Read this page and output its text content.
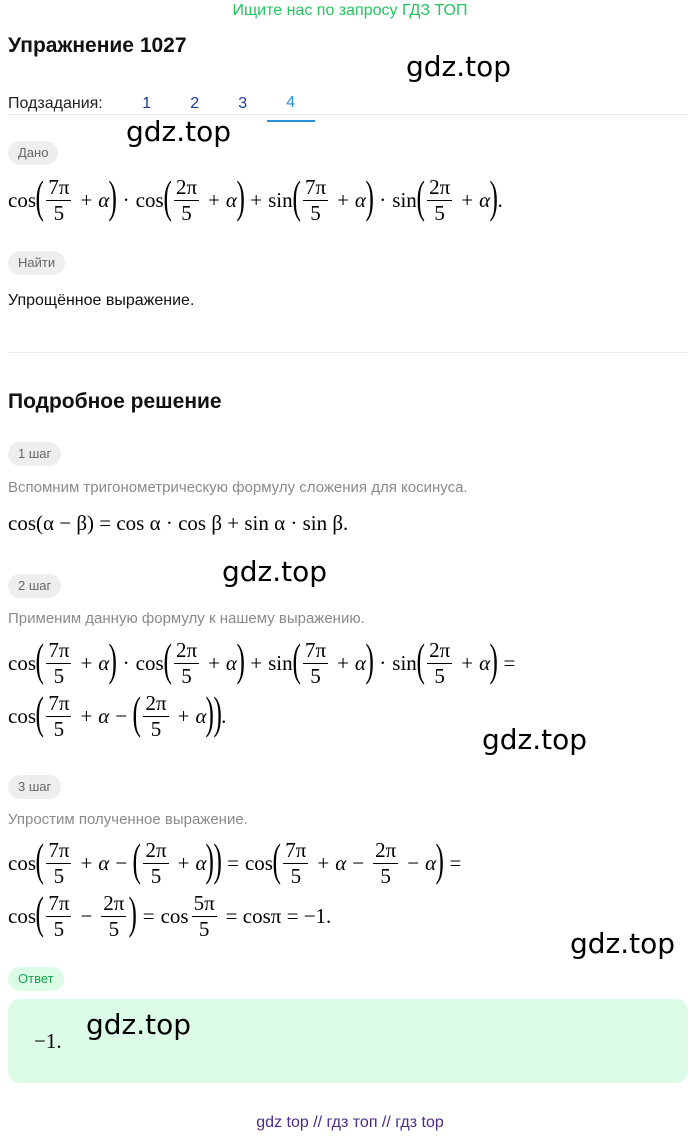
Ищите нас по запросу ГДЗ ТОП
Упражнение 1027
gdz.top
Подзадания:	1	2	3	4
gdz.top
Дано
cos ( $\frac{7\pi}{5} + \alpha$ ) · cos ( $\frac{2\pi}{5} + \alpha$ ) + sin ( $\frac{7\pi}{5} + \alpha$ ) · sin ( $\frac{2\pi}{5} + \alpha$ ) .
Найти
Упрощённое выражение.
Подробное решение
1 шаг
Вспомним тригонометрическую формулу сложения для косинуса.
cos(α − β) = cos α · cos β + sin α · sin β.
gdz.top
2 шаг
Применим данную формулу к нашему выражению.
cos ( $\frac{7\pi}{5} + \alpha$ ) · cos ( $\frac{2\pi}{5} + \alpha$ ) + sin ( $\frac{7\pi}{5} + \alpha$ ) · sin ( $\frac{2\pi}{5} + \alpha$ ) =
cos ( $\frac{7\pi}{5} + \alpha$ − ( $\frac{2\pi}{5} + \alpha$ )
) .
gdz.top
3 шаг
Упростим полученное выражение.
cos ( $\frac{7\pi}{5} + \alpha$ − ( $\frac{2\pi}{5} + \alpha$ )
) = cos ( $\frac{7\pi}{5} + \alpha - \frac{2\pi}{5} - \alpha$ ) =
cos ( $\frac{7\pi}{5} - \frac{2\pi}{5}$ ) = $\cos \frac{5\pi}{5} = \cos\pi = -1$.
gdz.top
Ответ
−1. gdz.top
gdz top // гдз топ // гдз top
